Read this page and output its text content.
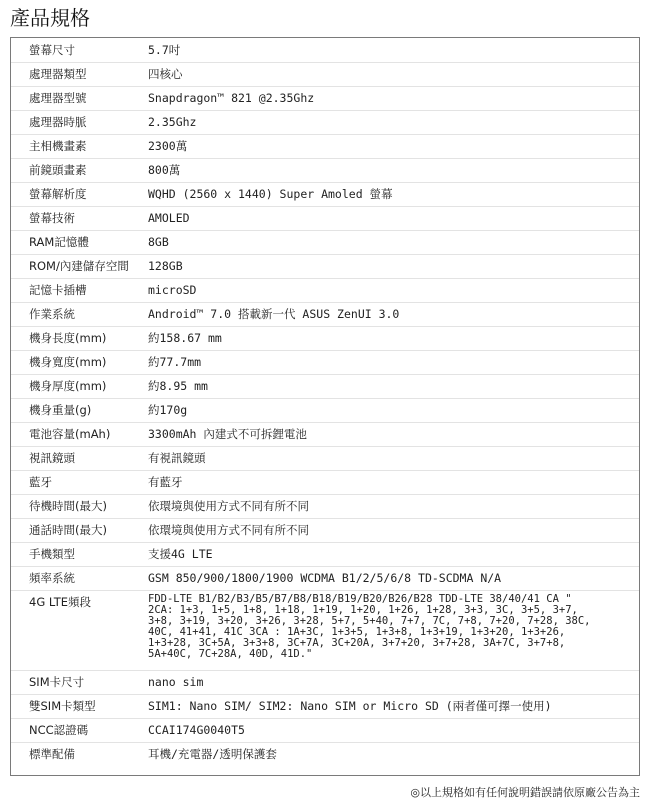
產品規格
螢幕尺寸	5.7吋
處理器類型	四核心
處理器型號	Snapdragon™ 821 @2.35Ghz
處理器時脈	2.35Ghz
主相機畫素	2300萬
前鏡頭畫素	800萬
螢幕解析度	WQHD (2560 x 1440) Super Amoled 螢幕
螢幕技術	AMOLED
RAM記憶體	8GB
ROM/內建儲存空間	128GB
記憶卡插槽	microSD
作業系統	Android™ 7.0 搭載新一代 ASUS ZenUI 3.0
機身長度(mm)	約158.67 mm
機身寬度(mm)	約77.7mm
機身厚度(mm)	約8.95 mm
機身重量(g)	約170g
電池容量(mAh)	3300mAh 內建式不可拆鋰電池
視訊鏡頭	有視訊鏡頭
藍牙	有藍牙
待機時間(最大)	依環境與使用方式不同有所不同
通話時間(最大)	依環境與使用方式不同有所不同
手機類型	支援4G LTE
頻率系統	GSM 850/900/1800/1900 WCDMA B1/2/5/6/8 TD-SCDMA N/A
4G LTE頻段	FDD-LTE B1/B2/B3/B5/B7/B8/B18/B19/B20/B26/B28 TDD-LTE 38/40/41 CA "
2CA: 1+3, 1+5, 1+8, 1+18, 1+19, 1+20, 1+26, 1+28, 3+3, 3C, 3+5, 3+7,
3+8, 3+19, 3+20, 3+26, 3+28, 5+7, 5+40, 7+7, 7C, 7+8, 7+20, 7+28, 38C,
40C, 41+41, 41C 3CA : 1A+3C, 1+3+5, 1+3+8, 1+3+19, 1+3+20, 1+3+26,
1+3+28, 3C+5A, 3+3+8, 3C+7A, 3C+20A, 3+7+20, 3+7+28, 3A+7C, 3+7+8,
5A+40C, 7C+28A, 40D, 41D."
SIM卡尺寸	nano sim
雙SIM卡類型	SIM1: Nano SIM/ SIM2: Nano SIM or Micro SD (兩者僅可擇一使用)
NCC認證碼	CCAI174G0040T5
標準配備	耳機/充電器/透明保護套
◎以上規格如有任何說明錯誤請依原廠公告為主
